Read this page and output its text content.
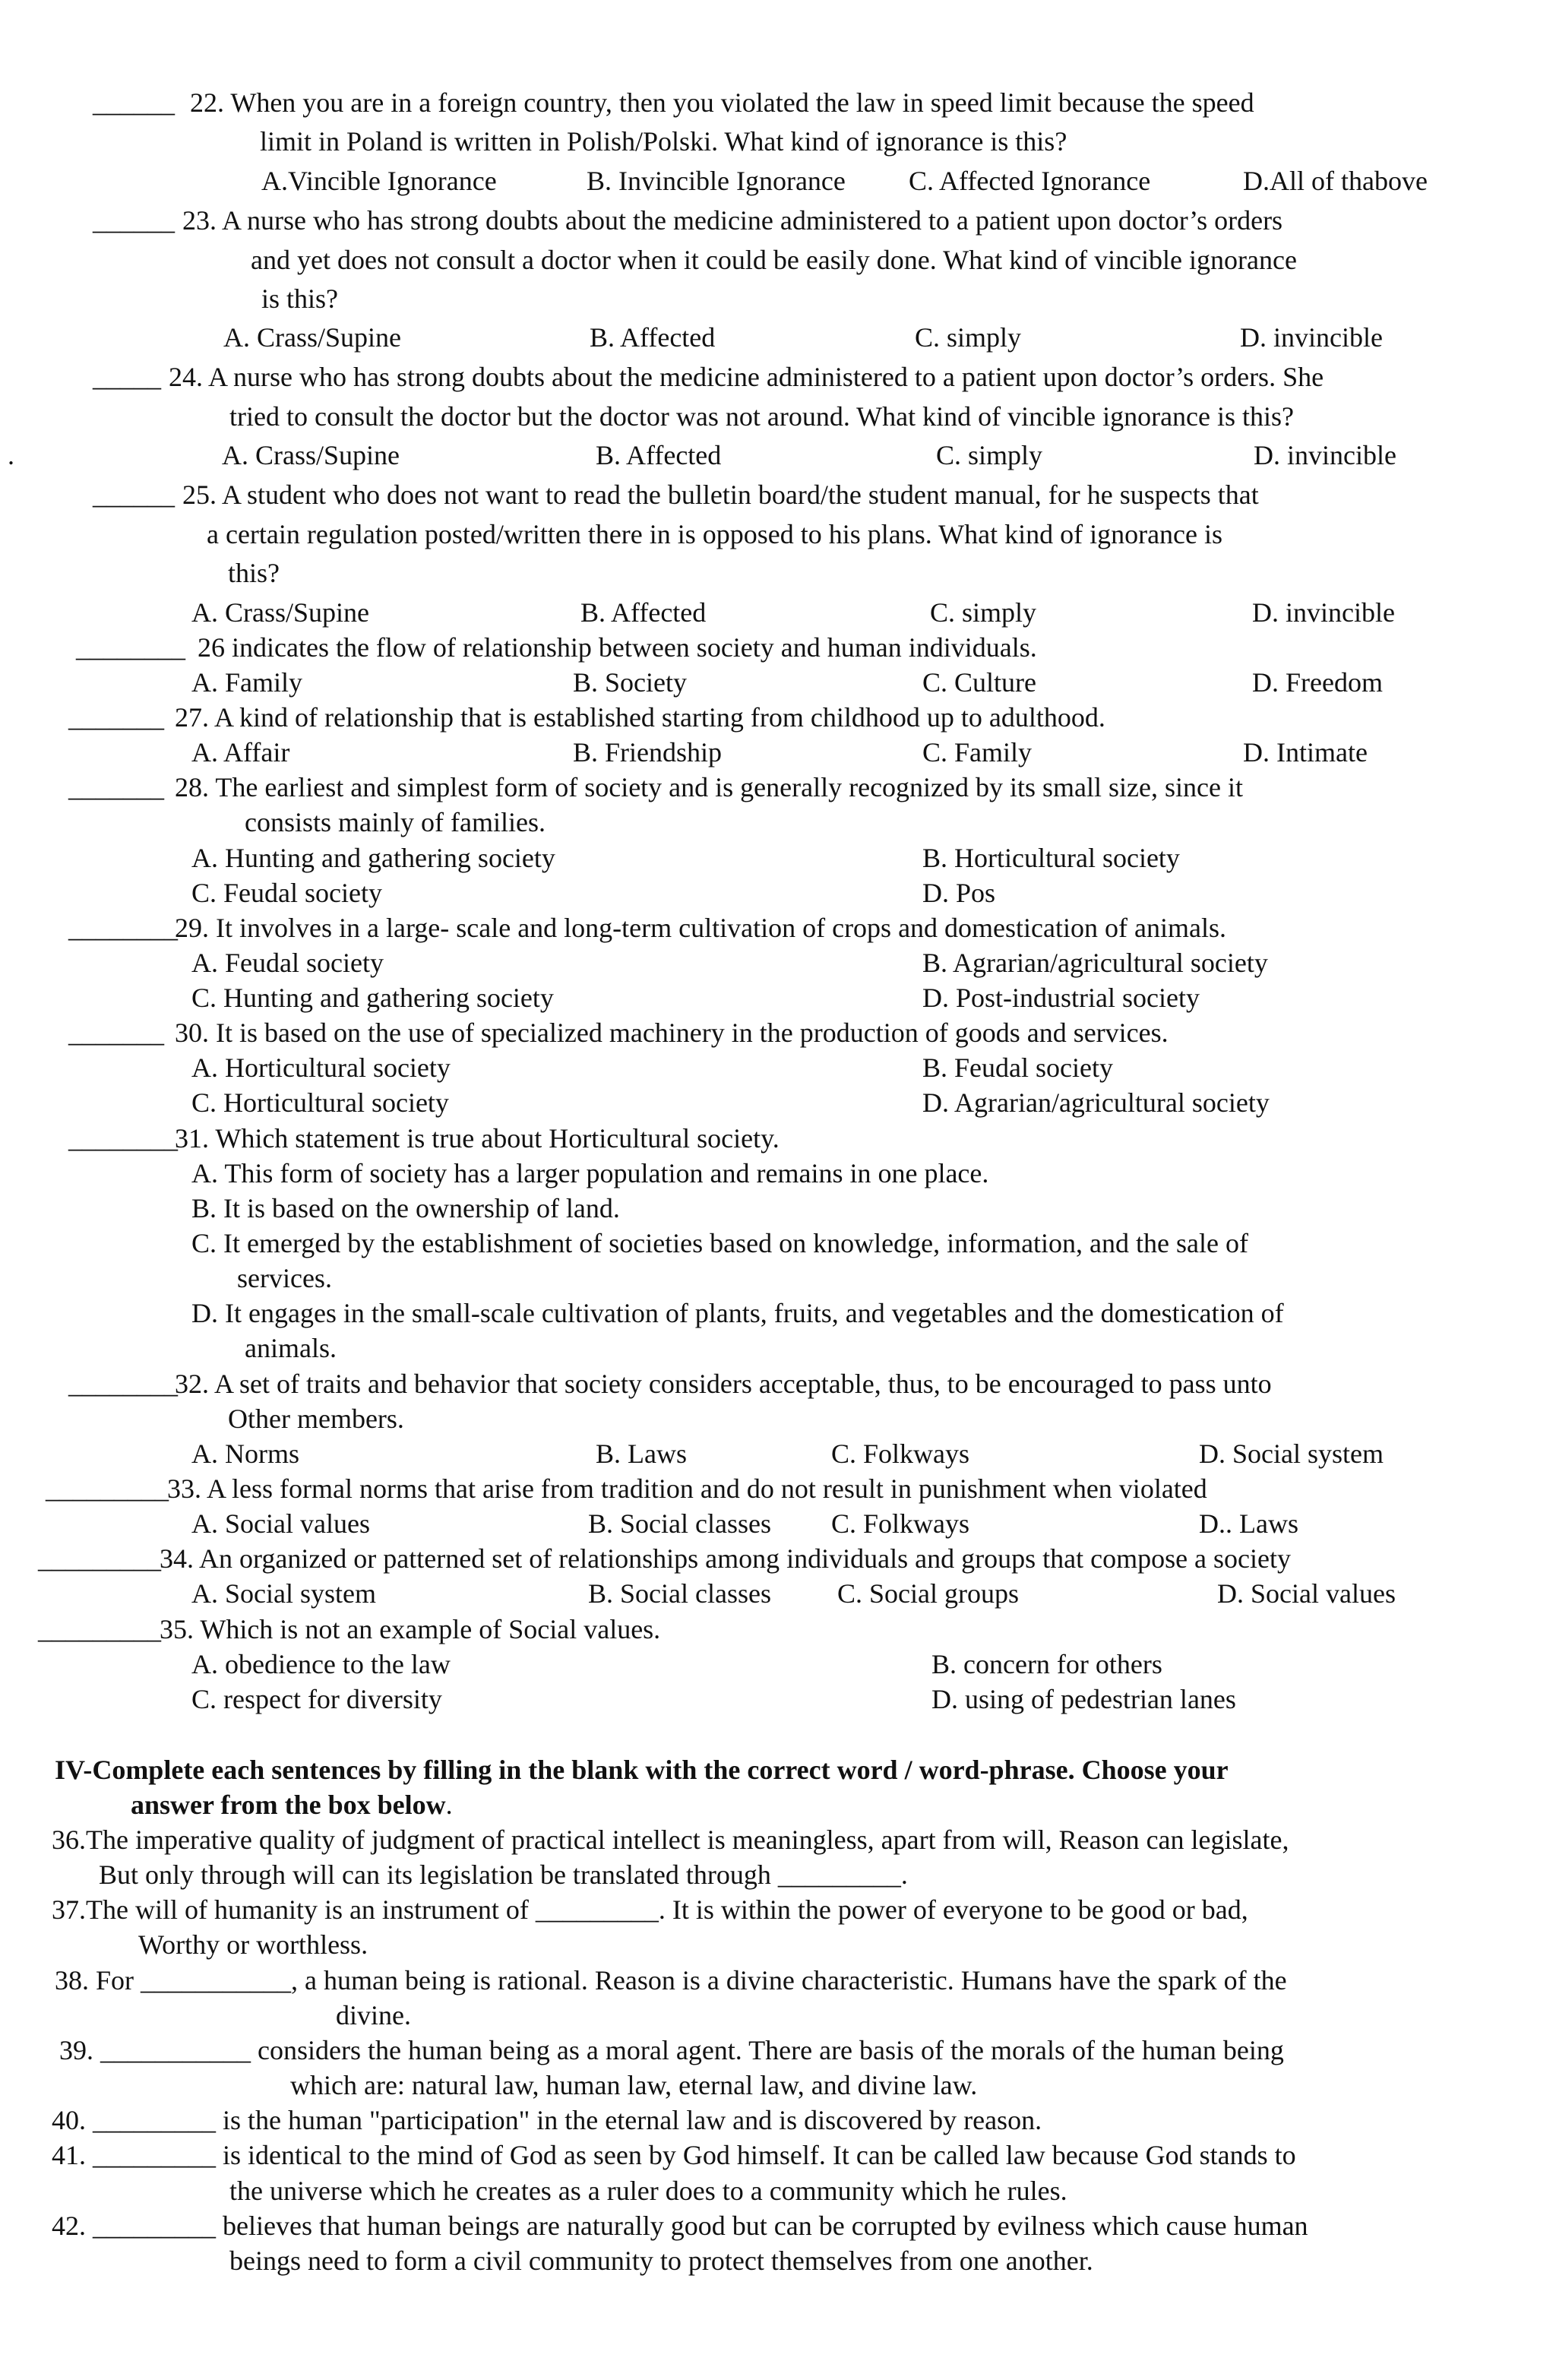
______ 22. When you are in a foreign country, then you violated the law in speed limit because the speed
limit in Poland is written in Polish/Polski. What kind of ignorance is this?
A.Vincible Ignorance	B. Invincible Ignorance C. Affected Ignorance	D.All of thabove
______ 23. A nurse who has strong doubts about the medicine administered to a patient upon doctor’s orders
and yet does not consult a doctor when it could be easily done. What kind of vincible ignorance
is this?
A. Crass/Supine	B. Affected	C. simply	D. invincible
_____ 24. A nurse who has strong doubts about the medicine administered to a patient upon doctor’s orders. She
tried to consult the doctor but the doctor was not around. What kind of vincible ignorance is this?
.	A. Crass/Supine	B. Affected	C. simply	D. invincible
______ 25. A student who does not want to read the bulletin board/the student manual, for he suspects that
a certain regulation posted/written there in is opposed to his plans. What kind of ignorance is
this?
A. Crass/Supine	B. Affected	C. simply	D. invincible
________ 26 indicates the flow of relationship between society and human individuals.
A. Family	B. Society	C. Culture	D. Freedom
_______ 27. A kind of relationship that is established starting from childhood up to adulthood.
A. Affair	B. Friendship	C. Family	D. Intimate
_______ 28. The earliest and simplest form of society and is generally recognized by its small size, since it
consists mainly of families.
A. Hunting and gathering society	B. Horticultural society
C. Feudal society	D. Pos
________
29. It involves in a large- scale and long-term cultivation of crops and domestication of animals.
A. Feudal society	B. Agrarian/agricultural society
C. Hunting and gathering society	D. Post-industrial society
_______ 30. It is based on the use of specialized machinery in the production of goods and services.
A. Horticultural society	B. Feudal society
C. Horticultural society	D. Agrarian/agricultural society
________
31. Which statement is true about Horticultural society.
A. This form of society has a larger population and remains in one place.
B. It is based on the ownership of land.
C. It emerged by the establishment of societies based on knowledge, information, and the sale of
services.
D. It engages in the small-scale cultivation of plants, fruits, and vegetables and the domestication of
animals.
________
32. A set of traits and behavior that society considers acceptable, thus, to be encouraged to pass unto
Other members.
A. Norms	B. Laws	C. Folkways	D. Social system
_________
33. A less formal norms that arise from tradition and do not result in punishment when violated
A. Social values	B. Social classes C. Folkways	D.. Laws
_________
34. An organized or patterned set of relationships among individuals and groups that compose a society
A. Social system	B. Social classes C. Social groups	D. Social values
_________
35. Which is not an example of Social values.
A. obedience to the law	B. concern for others
C. respect for diversity	D. using of pedestrian lanes
IV-Complete each sentences by filling in the blank with the correct word / word-phrase. Choose your
answer from the box below.
36.The imperative quality of judgment of practical intellect is meaningless, apart from will, Reason can legislate,
But only through will can its legislation be translated through _________.
37.The will of humanity is an instrument of _________. It is within the power of everyone to be good or bad,
Worthy or worthless.
38. For ___________, a human being is rational. Reason is a divine characteristic. Humans have the spark of the
divine.
39. ___________ considers the human being as a moral agent. There are basis of the morals of the human being
which are: natural law, human law, eternal law, and divine law.
40. _________ is the human "participation" in the eternal law and is discovered by reason.
41. _________ is identical to the mind of God as seen by God himself. It can be called law because God stands to
the universe which he creates as a ruler does to a community which he rules.
42. _________ believes that human beings are naturally good but can be corrupted by evilness which cause human
beings need to form a civil community to protect themselves from one another.
